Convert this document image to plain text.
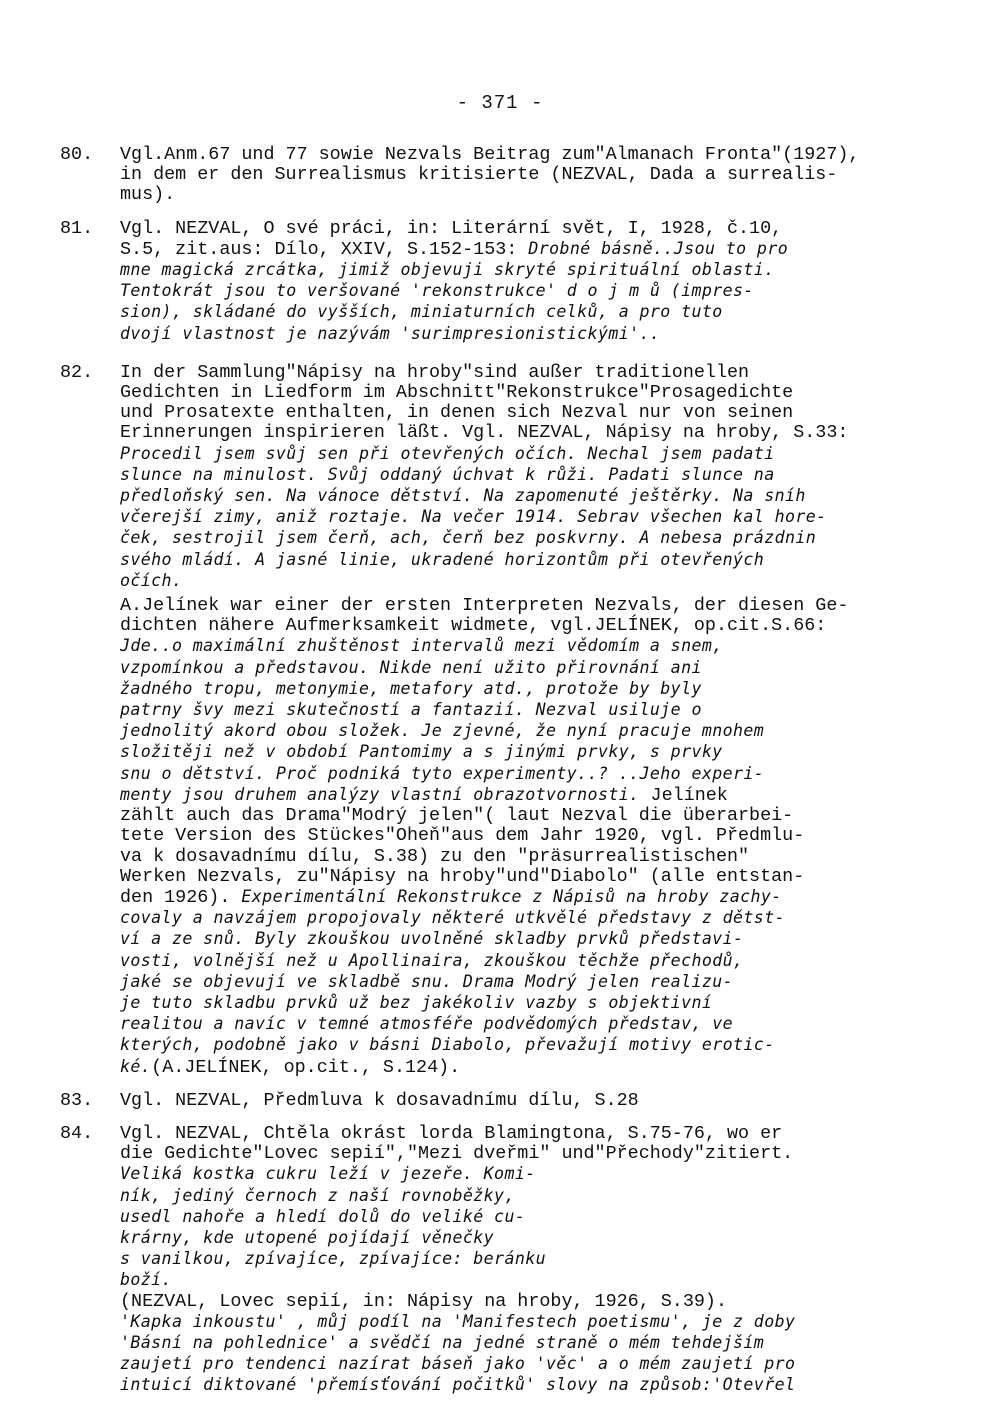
- 371 -
80. Vgl.Anm.67 und 77 sowie Nezvals Beitrag zum"Almanach Fronta"(1927),
in dem er den Surrealismus kritisierte (NEZVAL, Dada a surrealis-
mus).

81. Vgl. NEZVAL, O své práci, in: Literární svět, I, 1928, č.10,
S.5, zit.aus: Dílo, XXIV, S.152-153: Drobné básně..Jsou to pro
mne magická zrcátka, jimiž objevuji skryté spirituální oblasti.
Tentokrát jsou to veršované 'rekonstrukce' d o j m ů (impres-
sion), skládané do vyšších, miniaturních celků, a pro tuto
dvojí vlastnost je nazývám 'surimpresionistickými'..

82. In der Sammlung"Nápisy na hroby"sind außer traditionellen
Gedichten in Liedform im Abschnitt"Rekonstrukce"Prosagedichte
und Prosatexte enthalten, in denen sich Nezval nur von seinen
Erinnerungen inspirieren läßt. Vgl. NEZVAL, Nápisy na hroby, S.33:
Procedil jsem svůj sen při otevřených očích. Nechal jsem padati
slunce na minulost. Svůj oddaný úchvat k růži. Padati slunce na
předloňský sen. Na vánoce dětství. Na zapomenuté ještěrky. Na sníh
včerejší zimy, aniž roztaje. Na večer 1914. Sebrav všechen kal hore-
ček, sestrojil jsem čerň, ach, čerň bez poskvrny. A nebesa prázdnin
svého mládí. A jasné linie, ukradené horizontům při otevřených
očích.

A.Jelínek war einer der ersten Interpreten Nezvals, der diesen Ge-
dichten nähere Aufmerksamkeit widmete, vgl.JELÍNEK, op.cit.S.66:
Jde..o maximální zhuštěnost intervalů mezi vědomím a snem,
vzpomínkou a představou. Nikde není užito přirovnání ani
žadného tropu, metonymie, metafory atd., protože by byly
patrny švy mezi skutečností a fantazií. Nezval usiluje o
jednolitý akord obou složek. Je zjevné, že nyní pracuje mnohem
složitěji než v období Pantomimy a s jinými prvky, s prvky
snu o dětství. Proč podniká tyto experimenty..? ..Jeho experi-
menty jsou druhem analýzy vlastní obrazotvornosti. Jelínek
zählt auch das Drama"Modrý jelen"( laut Nezval die überarbei-
tete Version des Stückes"Oheň"aus dem Jahr 1920, vgl. Předmlu-
va k dosavadnímu dílu, S.38) zu den "präsurrealistischen"
Werken Nezvals, zu"Nápisy na hroby"und"Diabolo" (alle entstan-
den 1926). Experimentální Rekonstrukce z Nápisů na hroby zachy-
covaly a navzájem propojovaly některé utkvělé představy z dětst-
ví a ze snů. Byly zkouškou uvolněné skladby prvků představi-
vosti, volnější než u Apollinaira, zkouškou těchže přechodů,
jaké se objevují ve skladbě snu. Drama Modrý jelen realizu-
je tuto skladbu prvků už bez jakékoliv vazby s objektivní
realitou a navíc v temné atmosféře podvědomých představ, ve
kterých, podobně jako v básni Diabolo, převažují motivy erotic-
ké.(A.JELÍNEK, op.cit., S.124).

83. Vgl. NEZVAL, Předmluva k dosavadnímu dílu, S.28

84. Vgl. NEZVAL, Chtěla okrást lorda Blamingtona, S.75-76, wo er
die Gedichte"Lovec sepií","Mezi dveřmi" und"Přechody"zitiert.
Veliká kostka cukru leží v jezeře. Komi-
ník, jediný černoch z naší rovnoběžky,
usedl nahoře a hledí dolů do veliké cu-
krárny, kde utopené pojídají věnečky
s vanilkou, zpívajíce, zpívajíce: beránku
boží.
(NEZVAL, Lovec sepií, in: Nápisy na hroby, 1926, S.39).
'Kapka inkoustu' , můj podíl na 'Manifestech poetismu', je z doby
'Básní na pohlednice' a svědčí na jedné straně o mém tehdejším
zaujetí pro tendenci nazírat báseň jako 'věc' a o mém zaujetí pro
intuicí diktované 'přemísťování počitků' slovy na způsob:'Otevřel
